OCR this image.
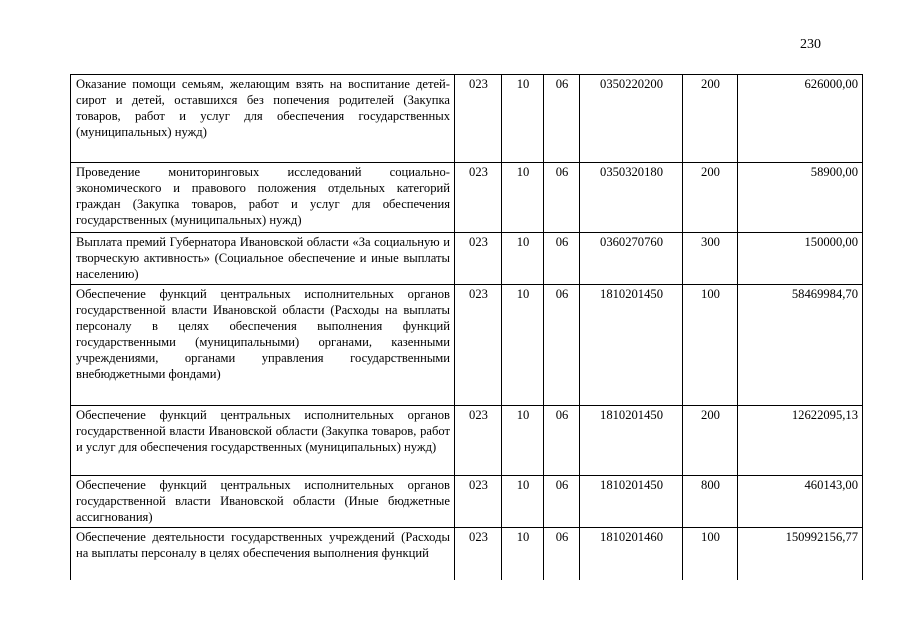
230
Оказание помощи семьям, желающим взять на воспитание детей-сирот и детей, оставшихся без попечения родителей (Закупка товаров, работ и услуг для обеспечения государственных (муниципальных) нужд)	023	10	06	0350220200	200	626000,00
Проведение мониторинговых исследований социально-экономического и правового положения отдельных категорий граждан (Закупка товаров, работ и услуг для обеспечения государственных (муниципальных) нужд)	023	10	06	0350320180	200	58900,00
Выплата премий Губернатора Ивановской области «За социальную и творческую активность» (Социальное обеспечение и иные выплаты населению)	023	10	06	0360270760	300	150000,00
Обеспечение функций центральных исполнительных органов государственной власти Ивановской области (Расходы на выплаты персоналу в целях обеспечения выполнения функций государственными (муниципальными) органами, казенными учреждениями, органами управления государственными внебюджетными фондами)	023	10	06	1810201450	100	58469984,70
Обеспечение функций центральных исполнительных органов государственной власти Ивановской области (Закупка товаров, работ и услуг для обеспечения государственных (муниципальных) нужд)	023	10	06	1810201450	200	12622095,13
Обеспечение функций центральных исполнительных органов государственной власти Ивановской области (Иные бюджетные ассигнования)	023	10	06	1810201450	800	460143,00
Обеспечение деятельности государственных учреждений (Расходы на выплаты персоналу в целях обеспечения выполнения функций	023	10	06	1810201460	100	150992156,77
